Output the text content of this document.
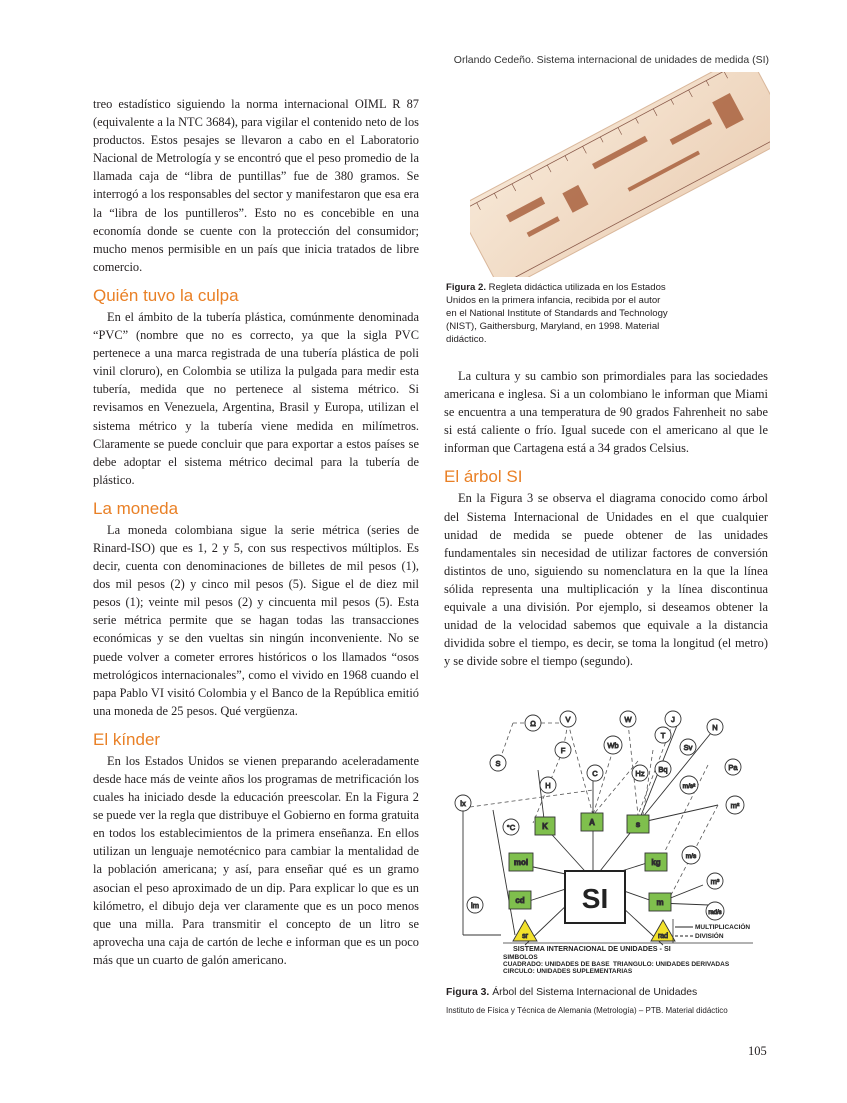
Orlando Cedeño. Sistema internacional de unidades de medida (SI)
Figura 2. Regleta didáctica utilizada en los Estados Unidos en la primera infancia, recibida por el autor en el National Institute of Standards and Technology (NIST), Gaithersburg, Maryland, en 1998. Material didáctico.

treo estadístico siguiendo la norma internacional OIML R 87 (equivalente a la NTC 3684), para vigilar el contenido neto de los productos. Estos pesajes se llevaron a cabo en el Laboratorio Nacional de Metrología y se encontró que el peso promedio de la llamada caja de “libra de puntillas” fue de 380 gramos. Se interrogó a los responsables del sector y manifestaron que esa era la “libra de los puntilleros”. Esto no es concebible en una economía donde se cuente con la protección del consumidor; mucho menos permisible en un país que inicia tratados de libre comercio.

Quién tuvo la culpa

En el ámbito de la tubería plástica, comúnmente denominada “PVC” (nombre que no es correcto, ya que la sigla PVC pertenece a una marca registrada de una tubería plástica de poli vinil cloruro), en Colombia se utiliza la pulgada para medir esta tubería, medida que no pertenece al sistema métrico. Si revisamos en Venezuela, Argentina, Brasil y Europa, utilizan el sistema métrico y la tubería viene medida en milímetros. Claramente se puede concluir que para exportar a estos países se debe adoptar el sistema métrico decimal para la tubería de plástico.

La moneda

La moneda colombiana sigue la serie métrica (series de Rinard-ISO) que es 1, 2 y 5, con sus respectivos múltiplos. Es decir, cuenta con denominaciones de billetes de mil pesos (1), dos mil pesos (2) y cinco mil pesos (5). Sigue el de diez mil pesos (1); veinte mil pesos (2) y cincuenta mil pesos (5). Esta serie métrica permite que se hagan todas las transacciones económicas y se den vueltas sin ningún inconveniente. No se puede volver a cometer errores históricos o los llamados “osos metrológicos internacionales”, como el vivido en 1968 cuando el papa Pablo VI visitó Colombia y el Banco de la República emitió una moneda de 25 pesos. Qué vergüenza.

El kínder

En los Estados Unidos se vienen preparando aceleradamente desde hace más de veinte años los programas de metrificación los cuales ha iniciado desde la educación preescolar. En la Figura 2 se puede ver la regla que distribuye el Gobierno en forma gratuita en todos los establecimientos de la primera enseñanza. En ellos utilizan un lenguaje nemotécnico para cambiar la mentalidad de la población americana; y así, para enseñar qué es un gramo asocian el peso aproximado de un dip. Para explicar lo que es un kilómetro, el dibujo deja ver claramente que es un poco menos que una milla. Para transmitir el concepto de un litro se aprovecha una caja de cartón de leche e informan que es un poco más que un cuarto de galón americano.

La cultura y su cambio son primordiales para las sociedades americana e inglesa. Si a un colombiano le informan que Miami se encuentra a una temperatura de 90 grados Fahrenheit no sabe si está caliente o frío. Igual sucede con el americano al que le informan que Cartagena está a 34 grados Celsius.

El árbol SI

En la Figura 3 se observa el diagrama conocido como árbol del Sistema Internacional de Unidades en el que cualquier unidad de medida se puede obtener de las unidades fundamentales sin necesidad de utilizar factores de conversión distintos de uno, siguiendo su nomenclatura en la que la línea sólida representa una multiplicación y la línea discontinua equivale a una división. Por ejemplo, si deseamos obtener la unidad de la velocidad sabemos que equivale a la distancia dividida sobre el tiempo, es decir, se toma la longitud (el metro) y se divide sobre el tiempo (segundo).

Ω	V	W	J
S
F
Wb
T
Sv
N
H
C	Hz Bq	Pa
m/s²
lx
°C
m²
m/s
lm
rad/s
m³
K	A	s
mol	kg
cd	m
SI
sr	rad
SISTEMA INTERNACIONAL DE UNIDADES - SI
SIMBOLOS
CUADRADO: UNIDADES DE BASE TRIANGULO: UNIDADES DERIVADAS
CIRCULO: UNIDADES SUPLEMENTARIAS
MULTIPLICACIÓN
DIVISIÓN
Figura 3. Árbol del Sistema Internacional de Unidades
Instituto de Física y Técnica de Alemania (Metrología) – PTB. Material didáctico
105
